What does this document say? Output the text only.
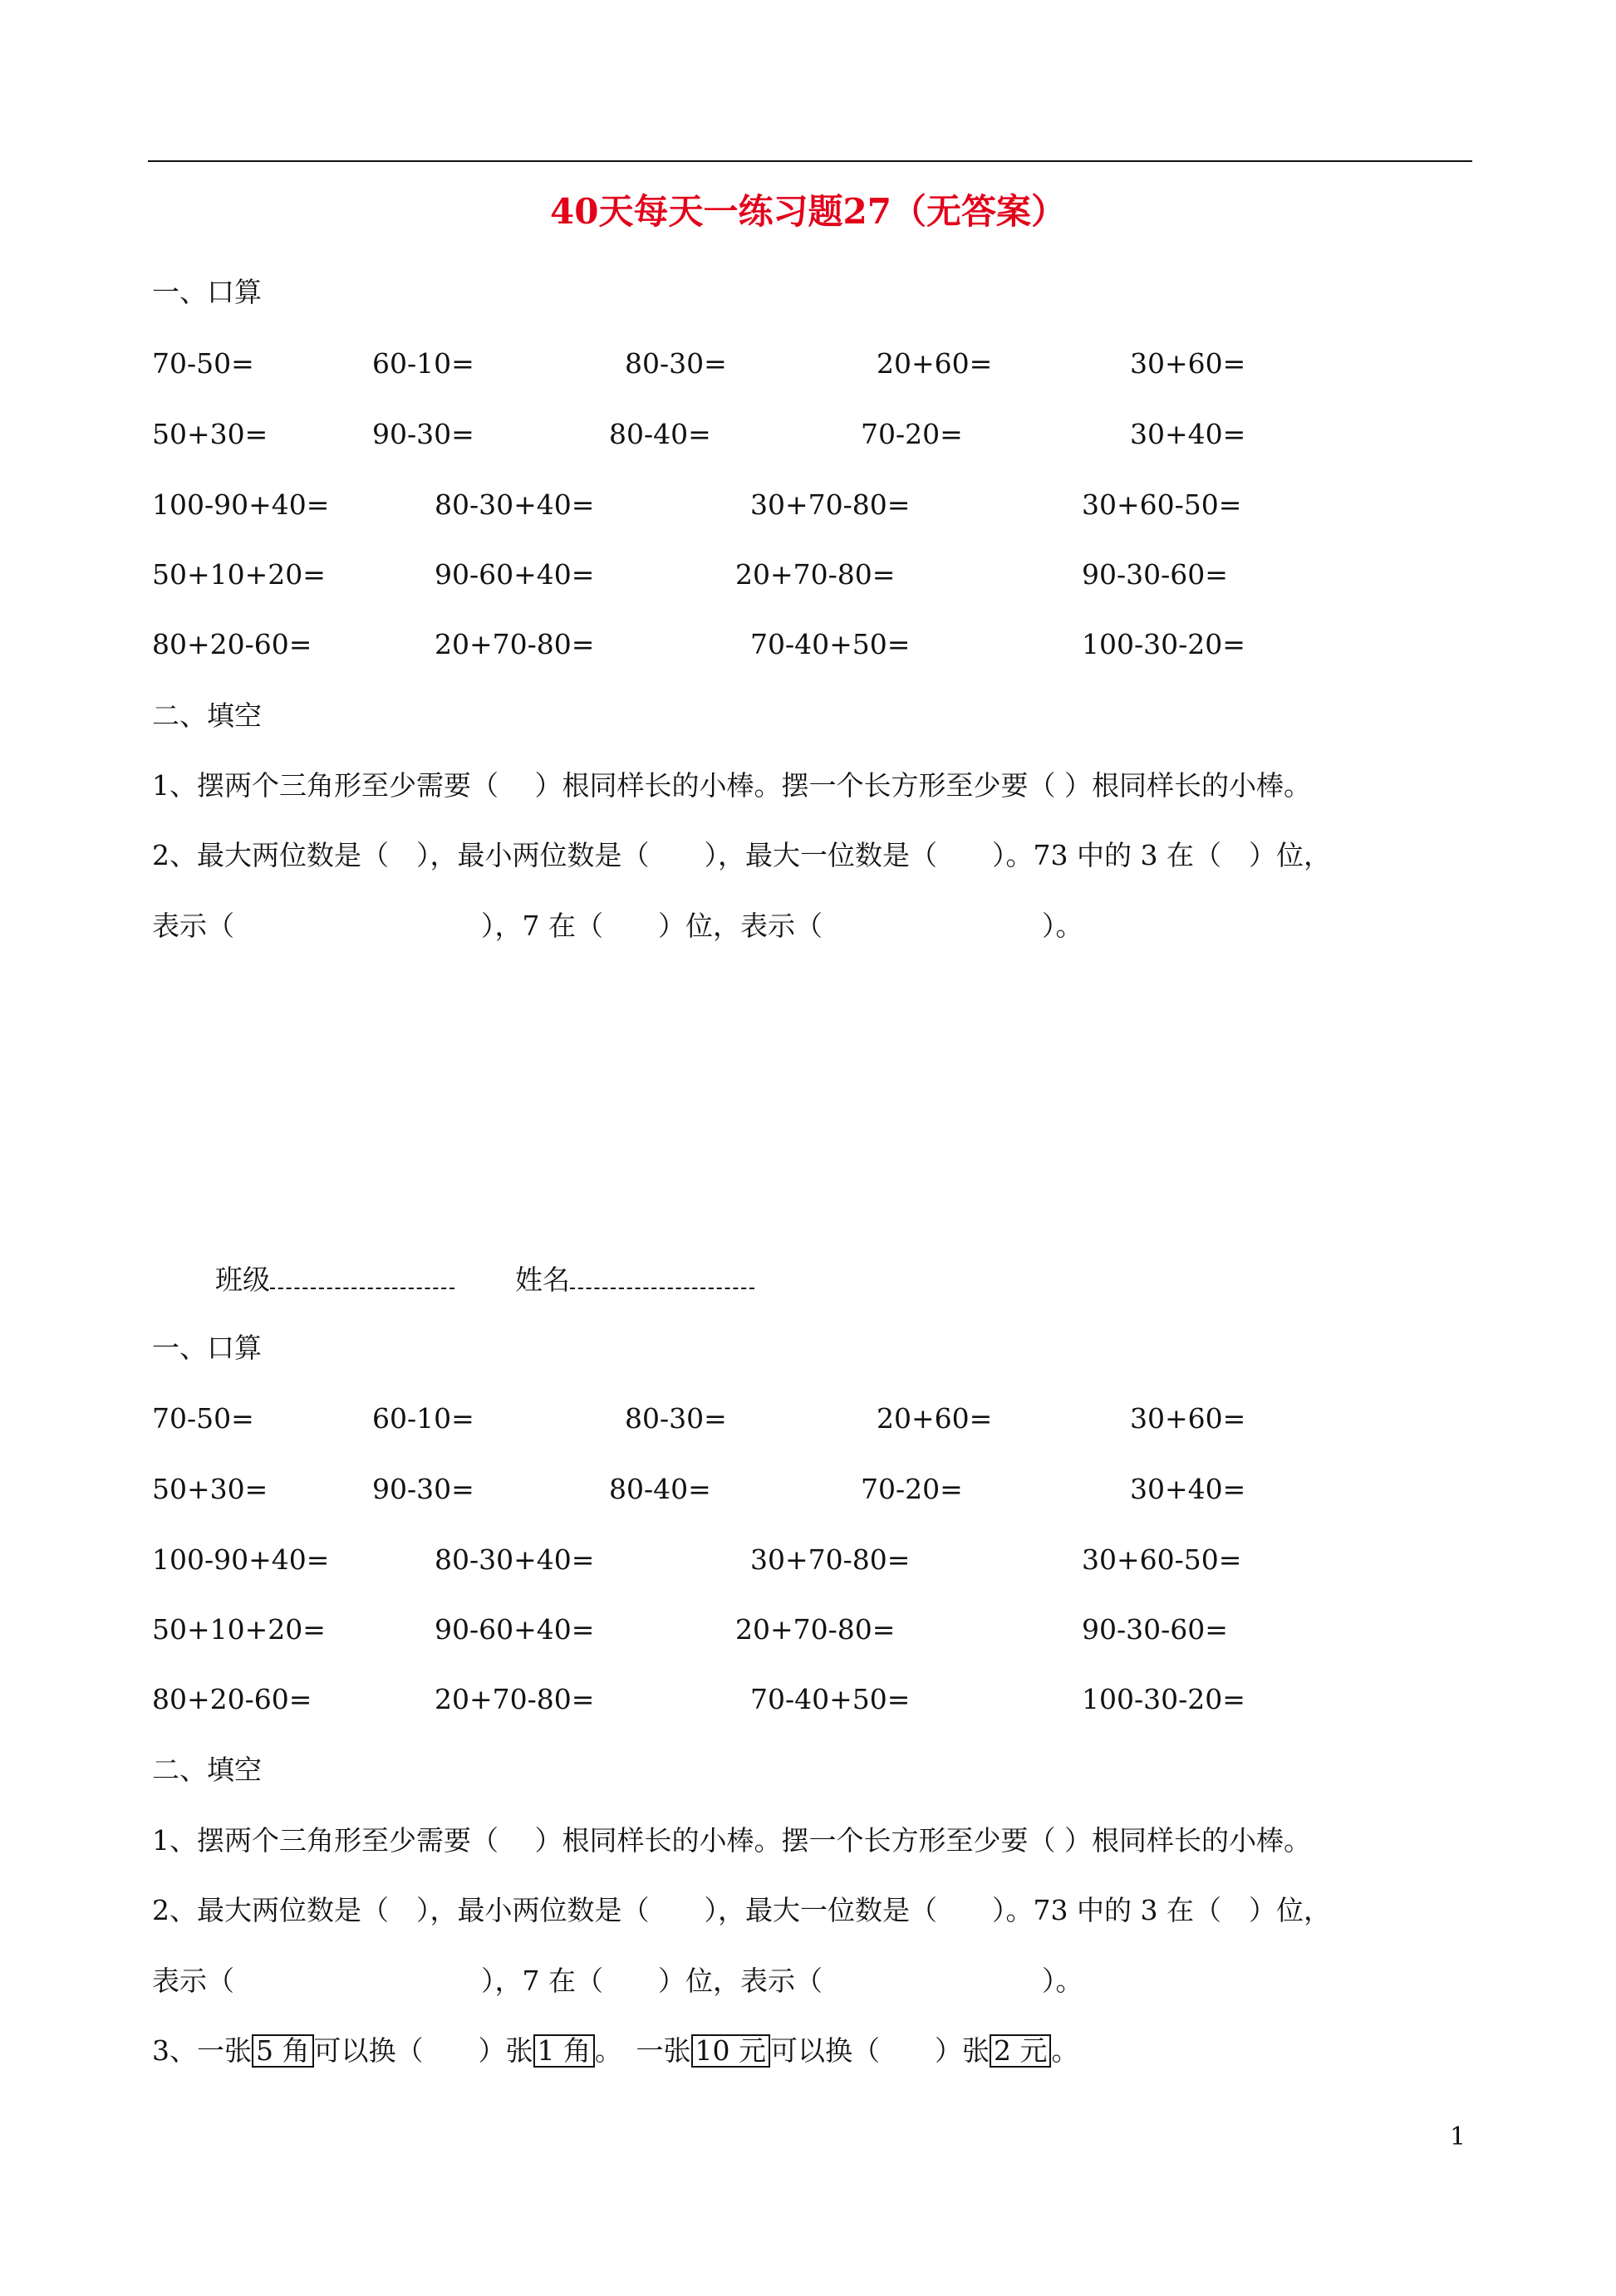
40天每天一练习题27（无答案）
一、口算
70-50=	60-10=	80-30=	20+60=	30+60=
50+30=	90-30=	80-40=	70-20=	30+40=
100-90+40=	80-30+40=	30+70-80=	30+60-50=
50+10+20=	90-60+40=	20+70-80=	90-30-60=
80+20-60=	20+70-80=	70-40+50=	100-30-20=
二、填空
1、摆两个三角形至少需要（　 ）根同样长的小棒。摆一个长方形至少要（ ）根同样长的小棒。
2、最大两位数是（　），最小两位数是（　　），最大一位数是（　　）。73 中的 3 在（　）位，
表示（　　　　　　　　　），7 在（　　）位，表示（　　　　　　　　）。
班级	姓名
一、口算
70-50=	60-10=	80-30=	20+60=	30+60=
50+30=	90-30=	80-40=	70-20=	30+40=
100-90+40=	80-30+40=	30+70-80=	30+60-50=
50+10+20=	90-60+40=	20+70-80=	90-30-60=
80+20-60=	20+70-80=	70-40+50=	100-30-20=
二、填空
1、摆两个三角形至少需要（　 ）根同样长的小棒。摆一个长方形至少要（ ）根同样长的小棒。
2、最大两位数是（　），最小两位数是（　　），最大一位数是（　　）。73 中的 3 在（　）位，
表示（　　　　　　　　　），7 在（　　）位，表示（　　　　　　　　）。
3、一张 5 角 可以换（　　）张 1 角 。　一张 10 元 可以换（　　）张 2 元 。
1
